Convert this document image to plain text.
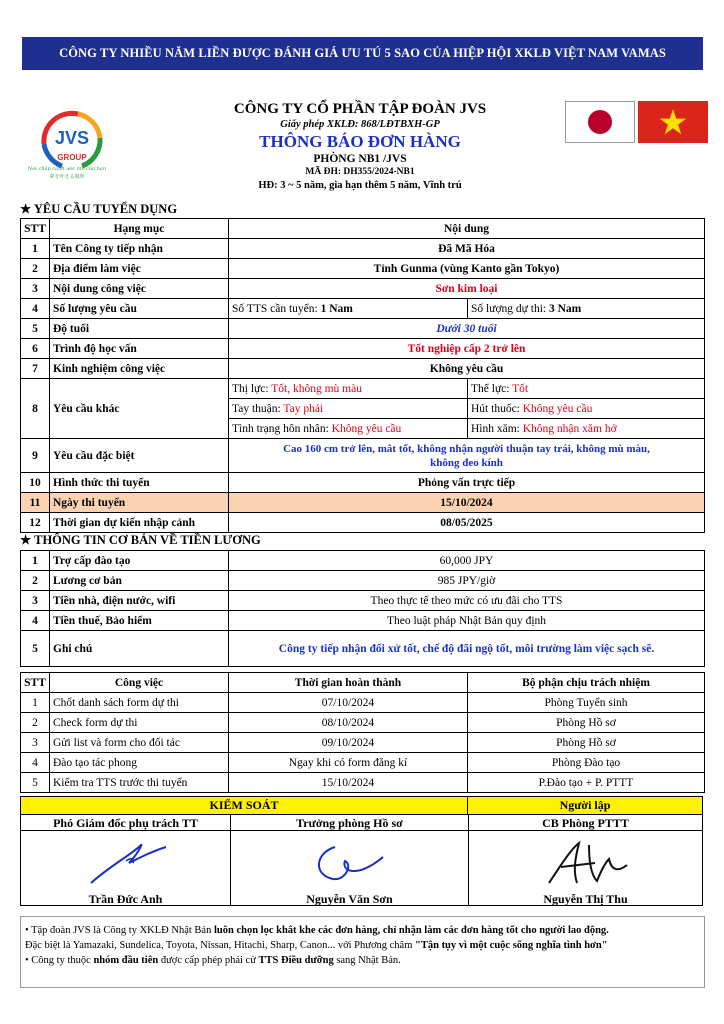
CÔNG TY NHIỀU NĂM LIỀN ĐƯỢC ĐÁNH GIÁ ƯU TÚ 5 SAO CỦA HIỆP HỘI XKLĐ VIỆT NAM VAMAS
JVS
GROUP
Nơi chắp cánh ước mơ của bạn
夢を叶える場所
CÔNG TY CỔ PHẦN TẬP ĐOÀN JVS
Giấy phép XKLĐ: 868/LĐTBXH-GP
THÔNG BÁO ĐƠN HÀNG
PHÒNG NB1 /JVS
MÃ ĐH: DH355/2024-NB1
HĐ: 3 ~ 5 năm, gia hạn thêm 5 năm, Vĩnh trú
★ YÊU CẦU TUYỂN DỤNG
STT	Hạng mục	Nội dung	
1	Tên Công ty tiếp nhận	Đã Mã Hóa	
2	Địa điểm làm việc	Tỉnh Gunma (vùng Kanto gần Tokyo)	
3	Nội dung công việc	Sơn kim loại	
4	Số lượng yêu cầu	Số TTS cần tuyển: 1 Nam	Số lượng dự thi: 3 Nam
5	Độ tuổi	Dưới 30 tuổi	
6	Trình độ học vấn	Tốt nghiệp cấp 2 trở lên	
7	Kinh nghiệm công việc	Không yêu cầu	
8	Yêu cầu khác	Thị lực: Tốt, không mù màu	Thể lực: Tốt
		Tay thuận: Tay phải	Hút thuốc: Không yêu cầu
		Tình trạng hôn nhân: Không yêu cầu	Hình xăm: Không nhận xăm hở
9	Yêu cầu đặc biệt	Cao 160 cm trở lên, mắt tốt, không nhận người thuận tay trái, không mù màu,
không đeo kính	

10	Hình thức thi tuyển	Phỏng vấn trực tiếp	
11	Ngày thi tuyển	15/10/2024	
12	Thời gian dự kiến nhập cảnh	08/05/2025	
★ THÔNG TIN CƠ BẢN VỀ TIỀN LƯƠNG
1	Trợ cấp đào tạo	60,000 JPY
2	Lương cơ bản	985 JPY/giờ
3	Tiền nhà, điện nước, wifi	Theo thực tế theo mức có ưu đãi cho TTS
4	Tiền thuế, Bảo hiểm	Theo luật pháp Nhật Bản quy định
5	Ghi chú	Công ty tiếp nhận đối xử tốt, chế độ đãi ngộ tốt, môi trường làm việc sạch sẽ.
STT	Công việc	Thời gian hoàn thành	Bộ phận chịu trách nhiệm
1	Chốt danh sách form dự thi	07/10/2024	Phòng Tuyển sinh
2	Check form dự thi	08/10/2024	Phòng Hồ sơ
3	Gửi list và form cho đối tác	09/10/2024	Phòng Hồ sơ
4	Đào tạo tác phong	Ngay khi có form đăng kí	Phòng Đào tạo
5	Kiểm tra TTS trước thi tuyển	15/10/2024	P.Đào tạo + P. PTTT
KIỂM SOÁT	Người lập
Phó Giám đốc phụ trách TT
Trần Đức Anh
Trưởng phòng Hồ sơ
Nguyễn Văn Sơn
CB Phòng PTTT
Nguyễn Thị Thu
• Tập đoàn JVS là Công ty XKLĐ Nhật Bản luôn chọn lọc khắt khe các đơn hàng, chỉ nhận làm các đơn hàng tốt cho người lao động.
Đặc biệt là Yamazaki, Sundelica, Toyota, Nissan, Hitachi, Sharp, Canon... với Phương châm "Tận tụy vì một cuộc sống nghĩa tình hơn"
• Công ty thuộc nhóm đầu tiên được cấp phép phái cử TTS Điều dưỡng sang Nhật Bản.
